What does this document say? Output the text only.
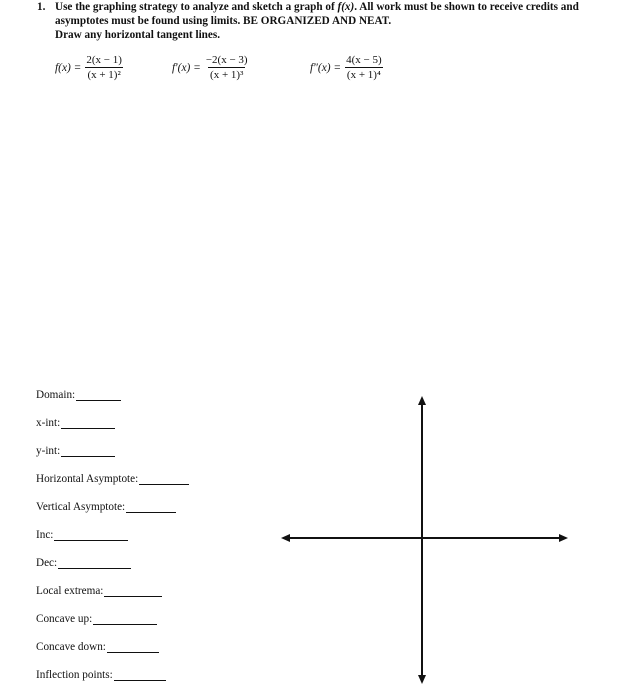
1. Use the graphing strategy to analyze and sketch a graph of f(x). All work must be shown to receive credits and
asymptotes must be found using limits. BE ORGANIZED AND NEAT.
Draw any horizontal tangent lines.
$f(x) = \frac{2(x - 1)}{\text{(x + 1)²}}$	$f'(x) = \frac{-2(x - 3)}{\text{(x + 1)³}}$	$f''(x) = \frac{4(x - 5)}{\text{(x + 1)⁴}}$
Domain:
x-int:
y-int:
Horizontal Asymptote:
Vertical Asymptote:
Inc:
Dec:
Local extrema:
Concave up:
Concave down:
Inflection points:
